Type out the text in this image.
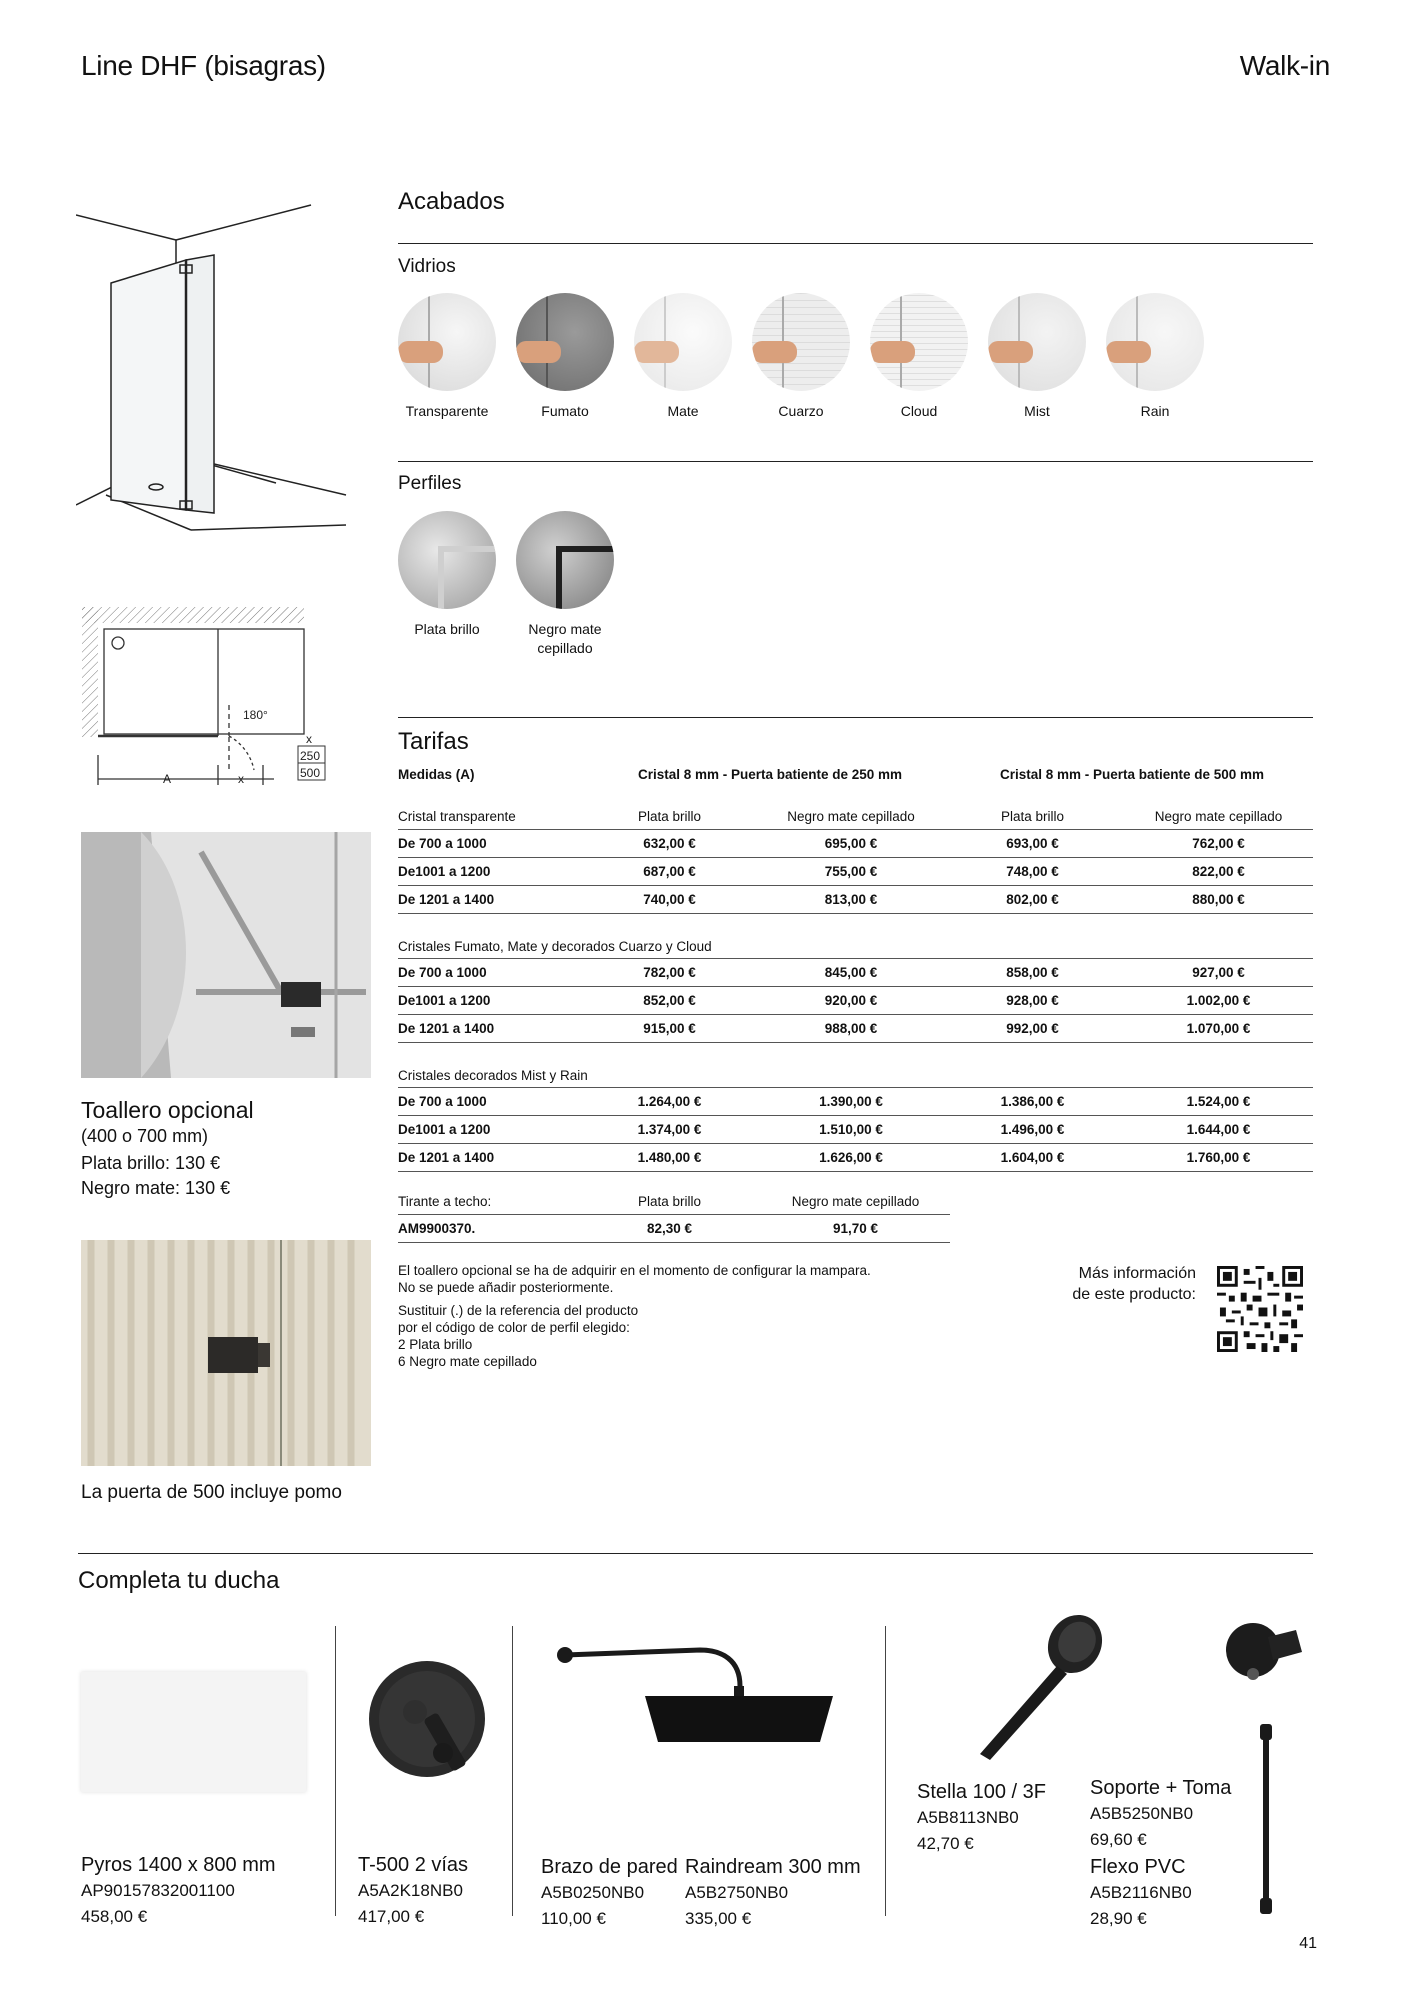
Line DHF (bisagras)	Walk-in
180°
A	x
x
250
500
Toallero opcional
(400 o 700 mm)
Plata brillo: 130 €
Negro mate: 130 €
La puerta de 500 incluye pomo
Acabados
Vidrios
Transparente	Fumato	Mate	Cuarzo	Cloud	Mist	Rain
Perfiles
Plata brillo	Negro mate cepillado
Tarifas
Medidas (A)	Cristal 8 mm - Puerta batiente de 250 mm	Cristal 8 mm - Puerta batiente de 500 mm
Cristal transparente	Plata brillo	Negro mate cepillado	Plata brillo	Negro mate cepillado
De 700 a 1000	632,00 €	695,00 €	693,00 €	762,00 €
De1001 a 1200	687,00 €	755,00 €	748,00 €	822,00 €
De 1201 a 1400	740,00 €	813,00 €	802,00 €	880,00 €
Cristales Fumato, Mate y decorados Cuarzo y Cloud				
De 700 a 1000	782,00 €	845,00 €	858,00 €	927,00 €
De1001 a 1200	852,00 €	920,00 €	928,00 €	1.002,00 €
De 1201 a 1400	915,00 €	988,00 €	992,00 €	1.070,00 €
Cristales decorados Mist y Rain				
De 700 a 1000	1.264,00 €	1.390,00 €	1.386,00 €	1.524,00 €
De1001 a 1200	1.374,00 €	1.510,00 €	1.496,00 €	1.644,00 €
De 1201 a 1400	1.480,00 €	1.626,00 €	1.604,00 €	1.760,00 €
Tirante a techo:	Plata brillo	Negro mate cepillado
AM9900370.	82,30 €	91,70 €
El toallero opcional se ha de adquirir en el momento de configurar la mampara.
No se puede añadir posteriormente.
Sustituir (.) de la referencia del producto
por el código de color de perfil elegido:
2 Plata brillo
6 Negro mate cepillado
Más información
de este producto:
Completa tu ducha
Pyros 1400 x 800 mm
AP90157832001100
458,00 €
T-500 2 vías
A5A2K18NB0
417,00 €
Brazo de pared
A5B0250NB0
110,00 €
Raindream 300 mm
A5B2750NB0
335,00 €
Stella 100 / 3F
A5B8113NB0
42,70 €
Soporte + Toma
A5B5250NB0
69,60 €
Flexo PVC
A5B2116NB0
28,90 €
41
